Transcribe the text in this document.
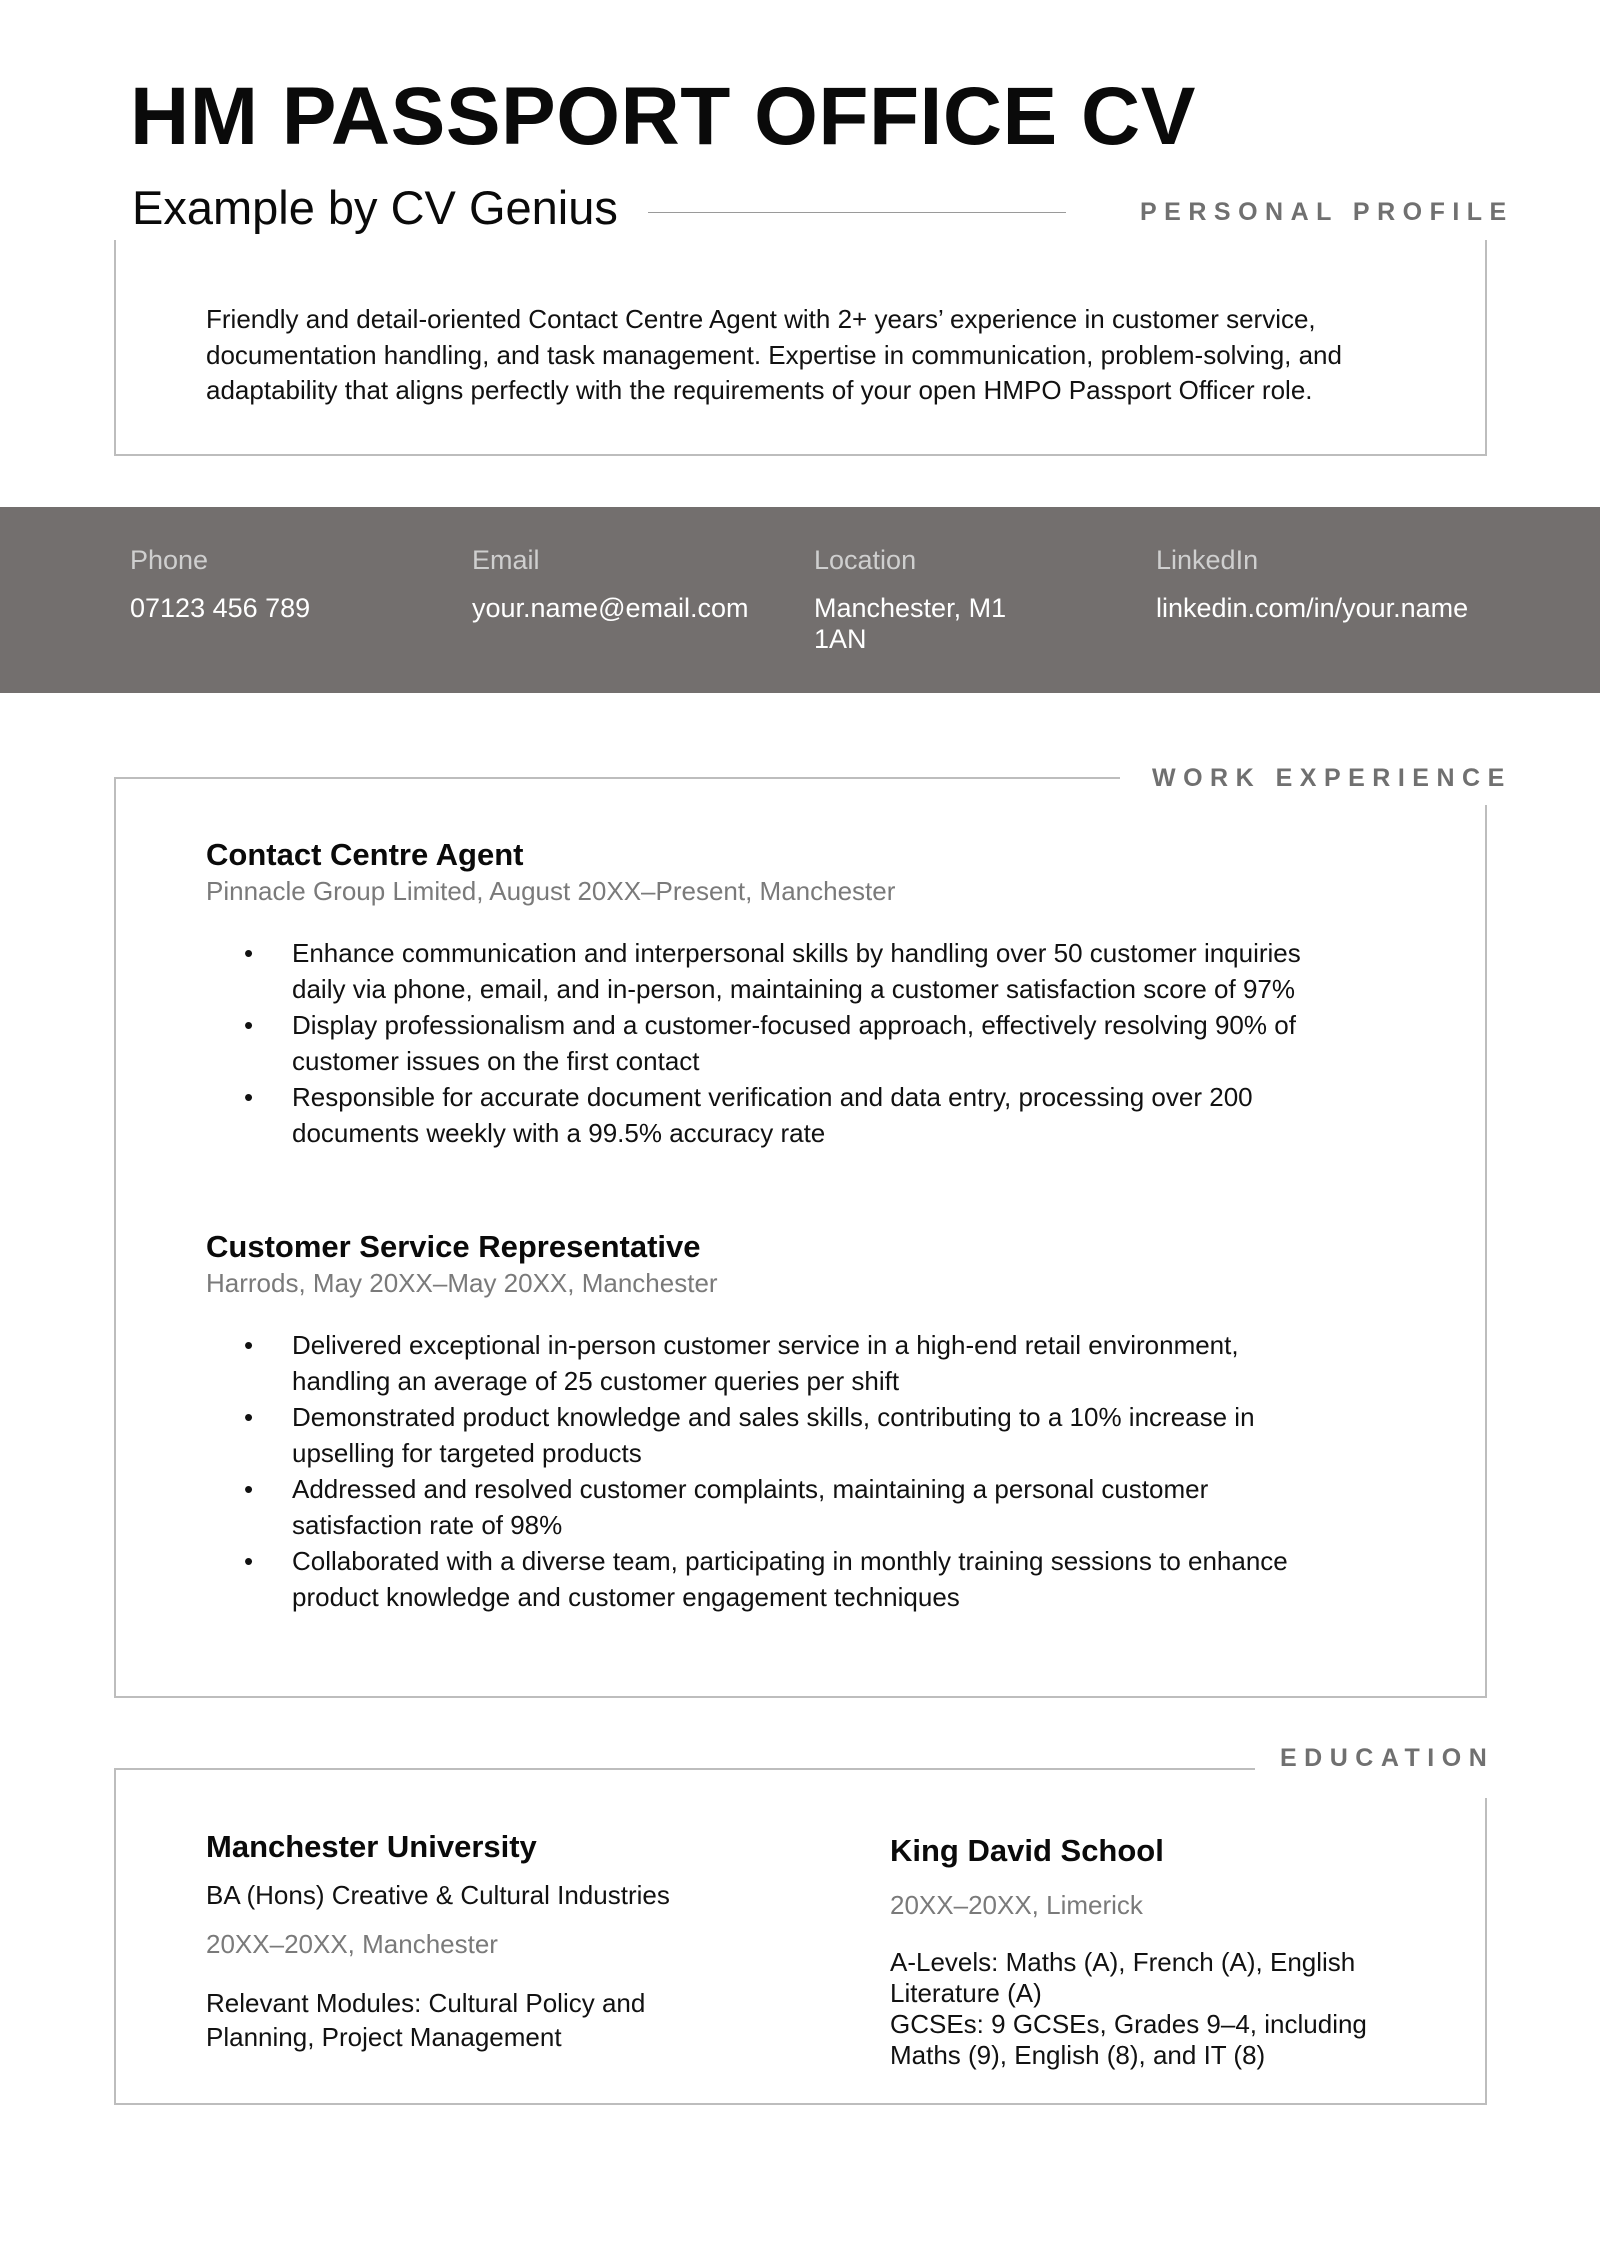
HM PASSPORT OFFICE CV
Example by CV Genius	PERSONAL PROFILE
Friendly and detail-oriented Contact Centre Agent with 2+ years’ experience in customer service, documentation handling, and task management. Expertise in communication, problem-solving, and adaptability that aligns perfectly with the requirements of your open HMPO Passport Officer role.
Phone
07123 456 789
Email
your.name@email.com
Location
Manchester, M1 1AN
LinkedIn
linkedin.com/in/your.name
WORK EXPERIENCE
Contact Centre Agent
Pinnacle Group Limited, August 20XX–Present, Manchester
• Enhance communication and interpersonal skills by handling over 50 customer inquiries daily via phone, email, and in-person, maintaining a customer satisfaction score of 97%
• Display professionalism and a customer-focused approach, effectively resolving 90% of customer issues on the first contact
• Responsible for accurate document verification and data entry, processing over 200 documents weekly with a 99.5% accuracy rate
Customer Service Representative
Harrods, May 20XX–May 20XX, Manchester
• Delivered exceptional in-person customer service in a high-end retail environment, handling an average of 25 customer queries per shift
• Demonstrated product knowledge and sales skills, contributing to a 10% increase in upselling for targeted products
• Addressed and resolved customer complaints, maintaining a personal customer satisfaction rate of 98%
• Collaborated with a diverse team, participating in monthly training sessions to enhance product knowledge and customer engagement techniques
EDUCATION
Manchester University
BA (Hons) Creative & Cultural Industries
20XX–20XX, Manchester
Relevant Modules: Cultural Policy and Planning, Project Management
King David School
20XX–20XX, Limerick
A-Levels: Maths (A), French (A), English Literature (A)
GCSEs: 9 GCSEs, Grades 9–4, including Maths (9), English (8), and IT (8)
